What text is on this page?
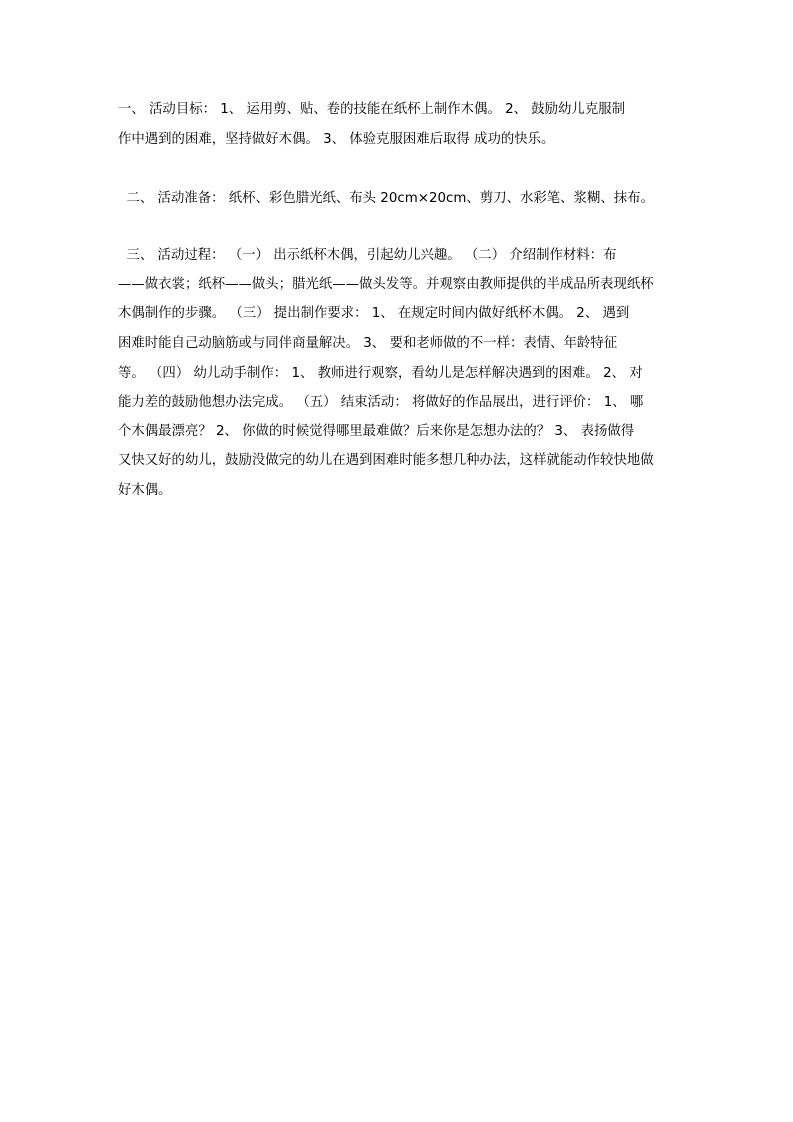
一、 活动目标： 1、 运用剪、贴、卷的技能在纸杯上制作木偶。 2、 鼓励幼儿克服制
作中遇到的困难，坚持做好木偶。 3、 体验克服困难后取得 成功的快乐。
二、 活动准备： 纸杯、彩色腊光纸、布头 20cm×20cm、剪刀、水彩笔、浆糊、抹布。
三、 活动过程： （一） 出示纸杯木偶，引起幼儿兴趣。 （二） 介绍制作材料：布
——做衣裳；纸杯——做头；腊光纸——做头发等。并观察由教师提供的半成品所表现纸杯
木偶制作的步骤。 （三） 提出制作要求： 1、 在规定时间内做好纸杯木偶。 2、 遇到
困难时能自己动脑筋或与同伴商量解决。 3、 要和老师做的不一样：表情、年龄特征
等。 （四） 幼儿动手制作： 1、 教师进行观察，看幼儿是怎样解决遇到的困难。 2、 对
能力差的鼓励他想办法完成。 （五） 结束活动： 将做好的作品展出，进行评价： 1、 哪
个木偶最漂亮？ 2、 你做的时候觉得哪里最难做？后来你是怎想办法的？ 3、 表扬做得
又快又好的幼儿，鼓励没做完的幼儿在遇到困难时能多想几种办法，这样就能动作较快地做
好木偶。
